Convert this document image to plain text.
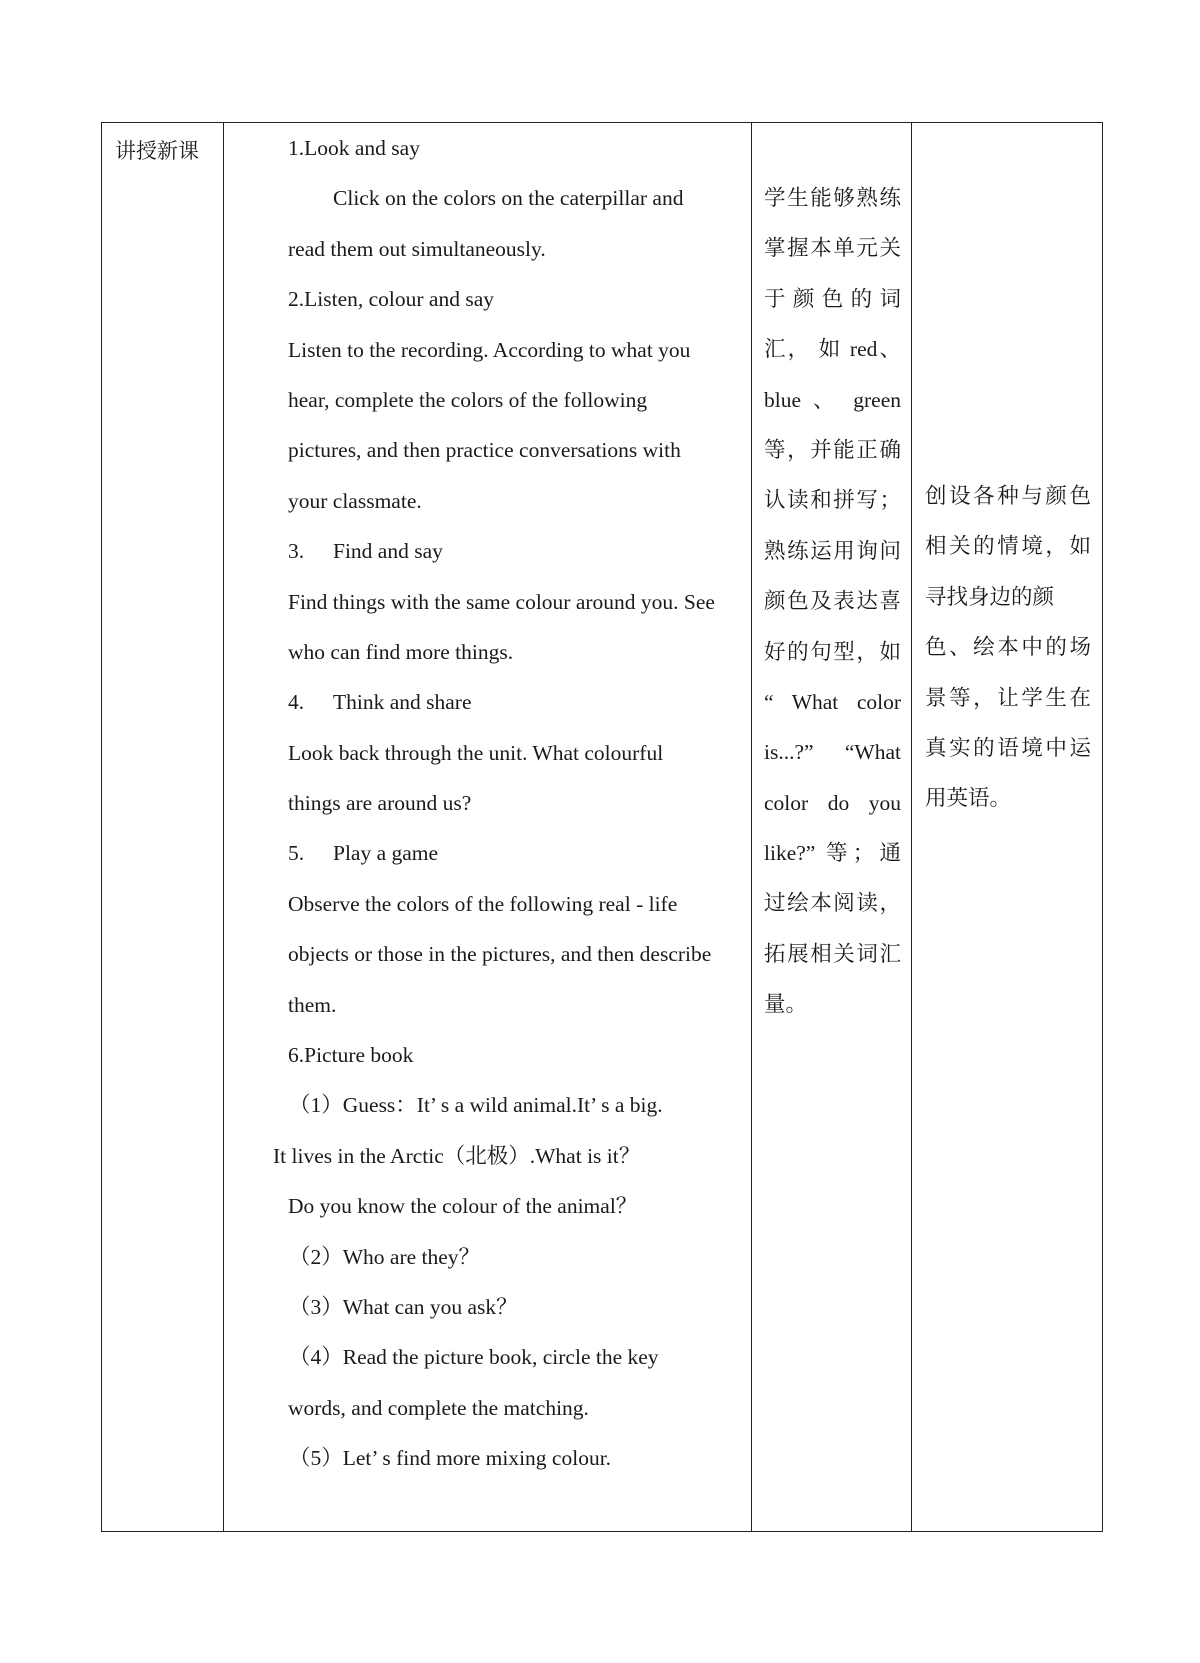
讲授新课	1.Look and say
Click on the colors on the caterpillar and
read them out simultaneously.
2.Listen, colour and say
Listen to the recording. According to what you
hear, complete the colors of the following
pictures, and then practice conversations with
your classmate.
3. Find and say
Find things with the same colour around you. See
who can find more things.
4. Think and share
Look back through the unit. What colourful
things are around us?
5. Play a game
Observe the colors of the following real - life
objects or those in the pictures, and then describe
them.
6.Picture book
（1）Guess：It’ s a wild animal.It’ s a big.
It lives in the Arctic（北极）.What is it？
Do you know the colour of the animal？
（2）Who are they？
（3）What can you ask？
（4）Read the picture book, circle the key
words, and complete the matching.
（5）Let’ s find more mixing colour.
学生能够熟练
掌握本单元关
于 颜 色 的 词
汇， 如 red、
blue 、 green
等，并能正确
认读和拼写；
熟练运用询问
颜色及表达喜
好的句型，如
“ What color
is...?” “What
color do you
like?” 等；通
过绘本阅读，
拓展相关词汇
量。
创设各种与颜色
相关的情境，如
寻找身边的颜
色、绘本中的场
景等，让学生在
真实的语境中运
用英语。
